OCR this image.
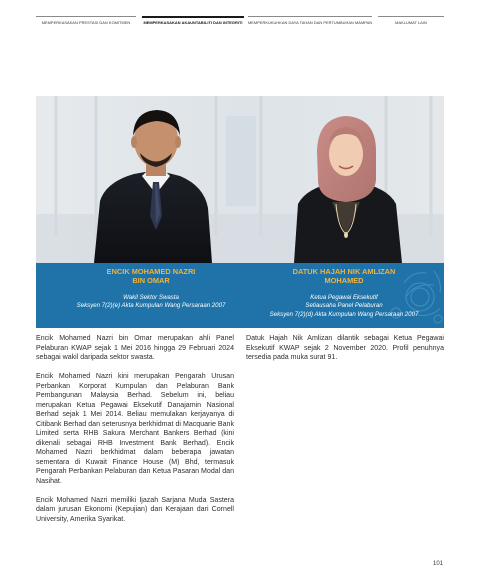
MEMPERKASAKAN PRESTASI DAN KOMITMEN	MEMPERKASAKAN AKAUNTABILITI DAN INTEGRITI	MEMPERKUKUHKAN DAYA TAHAN DAN PERTUMBUHAN MAMPAN	MAKLUMAT LAIN
ENCIK MOHAMED NAZRI
BIN OMAR
Wakil Sektor Swasta
Seksyen 7(2)(e) Akta Kumpulan Wang Persaraan 2007
DATUK HAJAH NIK AMLIZAN
MOHAMED
Ketua Pegawai Eksekutif
Setiausaha Panel Pelaburan
Seksyen 7(2)(d) Akta Kumpulan Wang Persaraan 2007

Encik Mohamed Nazri bin Omar merupakan ahli Panel Pelaburan KWAP sejak 1 Mei 2016 hingga 29 Februari 2024 sebagai wakil daripada sektor swasta.

Encik Mohamed Nazri kini merupakan Pengarah Urusan Perbankan Korporat Kumpulan dan Pelaburan Bank Pembangunan Malaysia Berhad. Sebelum ini, beliau merupakan Ketua Pegawai Eksekutif Danajamin Nasional Berhad sejak 1 Mei 2014. Beliau memulakan kerjayanya di Citibank Berhad dan seterusnya berkhidmat di Macquarie Bank Limited serta RHB Sakura Merchant Bankers Berhad (kini dikenali sebagai RHB Investment Bank Berhad). Encik Mohamed Nazri berkhidmat dalam beberapa jawatan sementara di Kuwait Finance House (M) Bhd, termasuk Pengarah Perbankan Pelaburan dan Ketua Pasaran Modal dan Nasihat.

Encik Mohamed Nazri memiliki Ijazah Sarjana Muda Sastera dalam jurusan Ekonomi (Kepujian) dan Kerajaan dari Cornell University, Amerika Syarikat.

Datuk Hajah Nik Amlizan dilantik sebagai Ketua Pegawai Eksekutif KWAP sejak 2 November 2020. Profil penuhnya tersedia pada muka surat 91.

101
